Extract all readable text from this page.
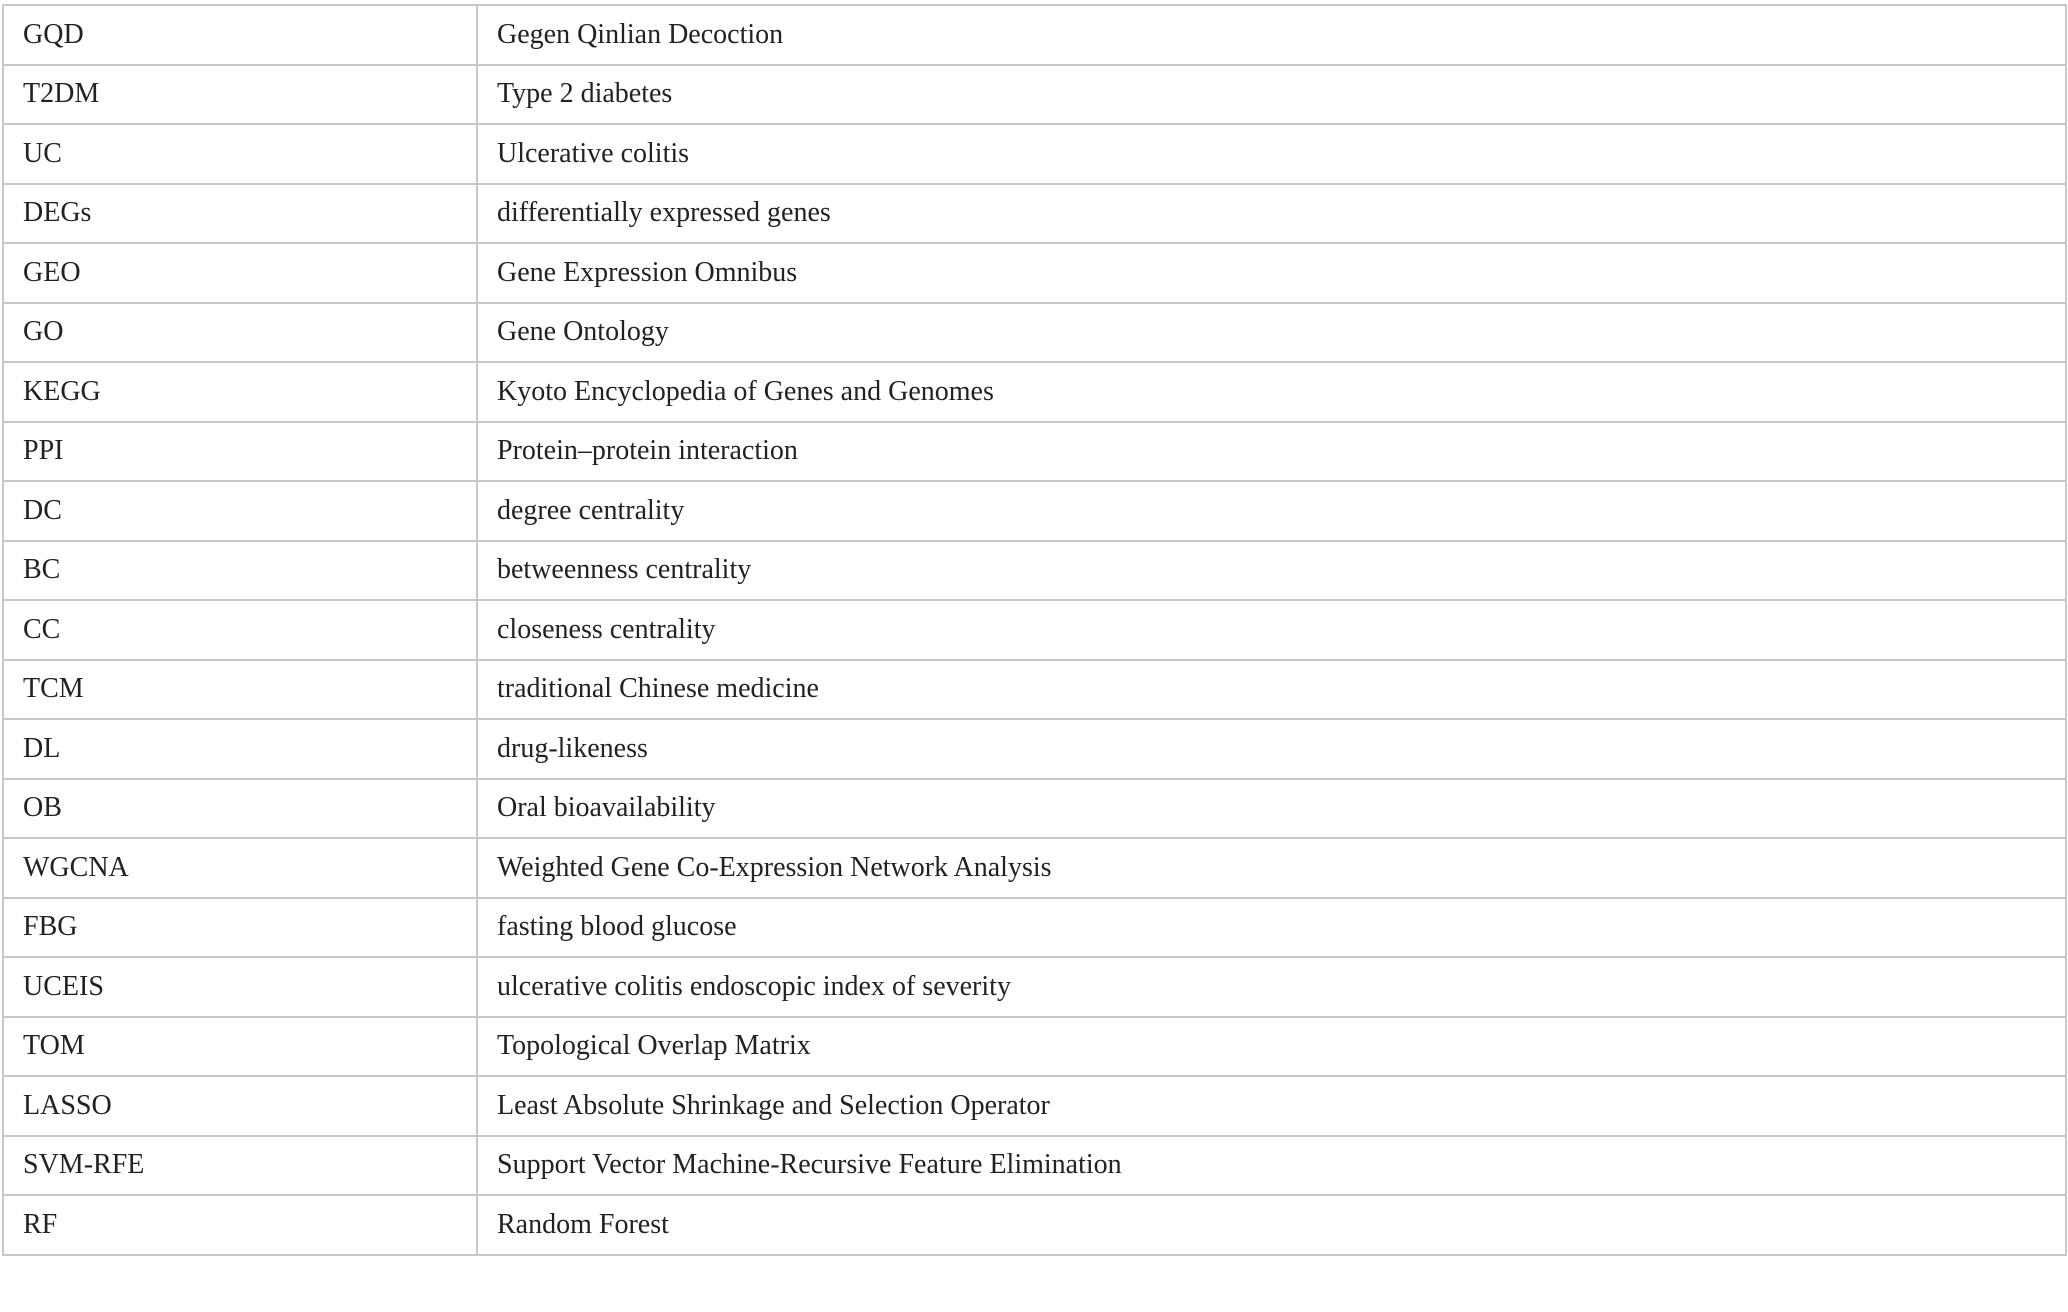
GQD	Gegen Qinlian Decoction
T2DM	Type 2 diabetes
UC	Ulcerative colitis
DEGs	differentially expressed genes
GEO	Gene Expression Omnibus
GO	Gene Ontology
KEGG	Kyoto Encyclopedia of Genes and Genomes
PPI	Protein–protein interaction
DC	degree centrality
BC	betweenness centrality
CC	closeness centrality
TCM	traditional Chinese medicine
DL	drug-likeness
OB	Oral bioavailability
WGCNA	Weighted Gene Co-Expression Network Analysis
FBG	fasting blood glucose
UCEIS	ulcerative colitis endoscopic index of severity
TOM	Topological Overlap Matrix
LASSO	Least Absolute Shrinkage and Selection Operator
SVM-RFE	Support Vector Machine-Recursive Feature Elimination
RF	Random Forest
